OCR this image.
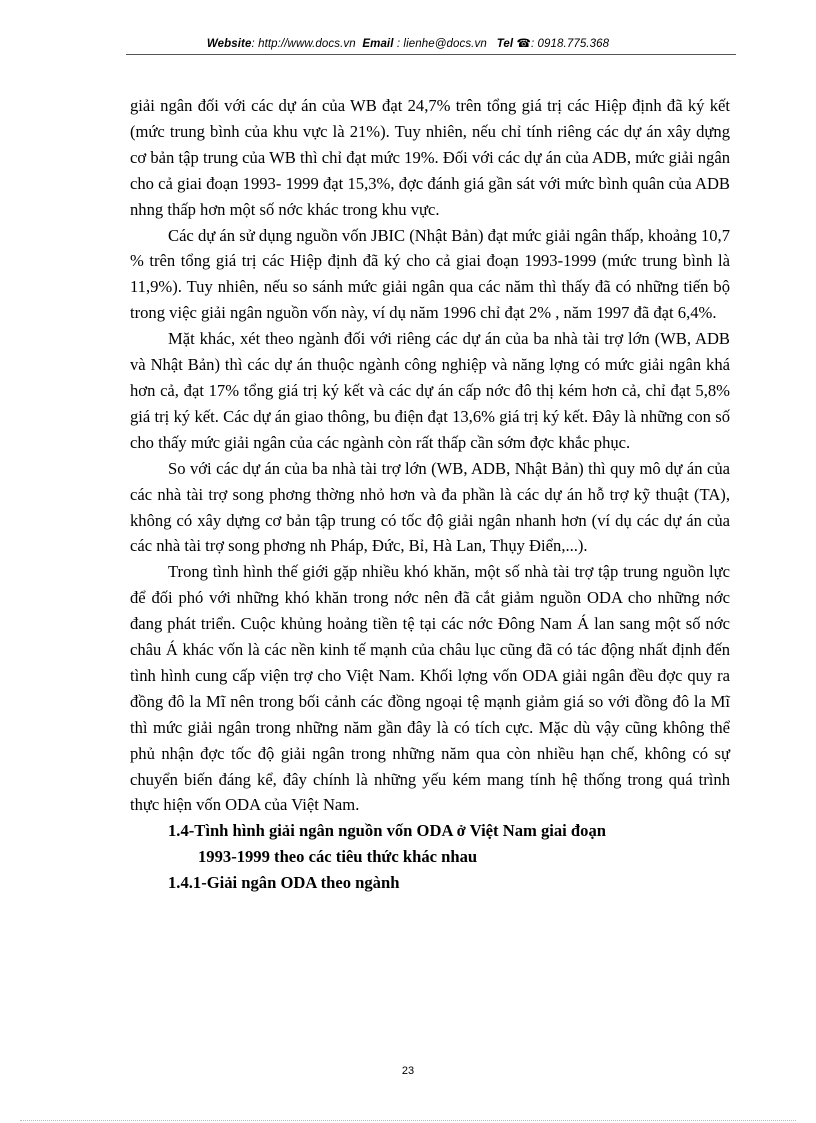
Website: http://www.docs.vn Email : lienhe@docs.vn Tel ☎: 0918.775.368

giải ngân đối với các dự án của WB đạt 24,7% trên tổng giá trị các Hiệp định đã ký kết (mức trung bình của khu vực là 21%). Tuy nhiên, nếu chỉ tính riêng các dự án xây dựng cơ bản tập trung của WB thì chỉ đạt mức 19%. Đối với các dự án của ADB, mức giải ngân cho cả giai đoạn 1993- 1999 đạt 15,3%, đợc đánh giá gần sát với mức bình quân của ADB nhng thấp hơn một số nớc khác trong khu vực.

Các dự án sử dụng nguồn vốn JBIC (Nhật Bản) đạt mức giải ngân thấp, khoảng 10,7 % trên tổng giá trị các Hiệp định đã ký cho cả giai đoạn 1993-1999 (mức trung bình là 11,9%). Tuy nhiên, nếu so sánh mức giải ngân qua các năm thì thấy đã có những tiến bộ trong việc giải ngân nguồn vốn này, ví dụ năm 1996 chỉ đạt 2% , năm 1997 đã đạt 6,4%.

Mặt khác, xét theo ngành đối với riêng các dự án của ba nhà tài trợ lớn (WB, ADB và Nhật Bản) thì các dự án thuộc ngành công nghiệp và năng lợng có mức giải ngân khá hơn cả, đạt 17% tổng giá trị ký kết và các dự án cấp nớc đô thị kém hơn cả, chỉ đạt 5,8% giá trị ký kết. Các dự án giao thông, bu điện đạt 13,6% giá trị ký kết. Đây là những con số cho thấy mức giải ngân của các ngành còn rất thấp cần sớm đợc khắc phục.

So với các dự án của ba nhà tài trợ lớn (WB, ADB, Nhật Bản) thì quy mô dự án của các nhà tài trợ song phơng thờng nhỏ hơn và đa phần là các dự án hỗ trợ kỹ thuật (TA), không có xây dựng cơ bản tập trung có tốc độ giải ngân nhanh hơn (ví dụ các dự án của các nhà tài trợ song phơng nh Pháp, Đức, Bỉ, Hà Lan, Thụy Điển,...).

Trong tình hình thế giới gặp nhiều khó khăn, một số nhà tài trợ tập trung nguồn lực để đối phó với những khó khăn trong nớc nên đã cắt giảm nguồn ODA cho những nớc đang phát triển. Cuộc khủng hoảng tiền tệ tại các nớc Đông Nam Á lan sang một số nớc châu Á khác vốn là các nền kinh tế mạnh của châu lục cũng đã có tác động nhất định đến tình hình cung cấp viện trợ cho Việt Nam. Khối lợng vốn ODA giải ngân đều đợc quy ra đồng đô la Mĩ nên trong bối cảnh các đồng ngoại tệ mạnh giảm giá so với đồng đô la Mĩ thì mức giải ngân trong những năm gần đây là có tích cực. Mặc dù vậy cũng không thể phủ nhận đợc tốc độ giải ngân trong những năm qua còn nhiều hạn chế, không có sự chuyển biến đáng kể, đây chính là những yếu kém mang tính hệ thống trong quá trình thực hiện vốn ODA của Việt Nam.

1.4-Tình hình giải ngân nguồn vốn ODA ở Việt Nam giai đoạn
1993-1999 theo các tiêu thức khác nhau
1.4.1-Giải ngân ODA theo ngành
23
